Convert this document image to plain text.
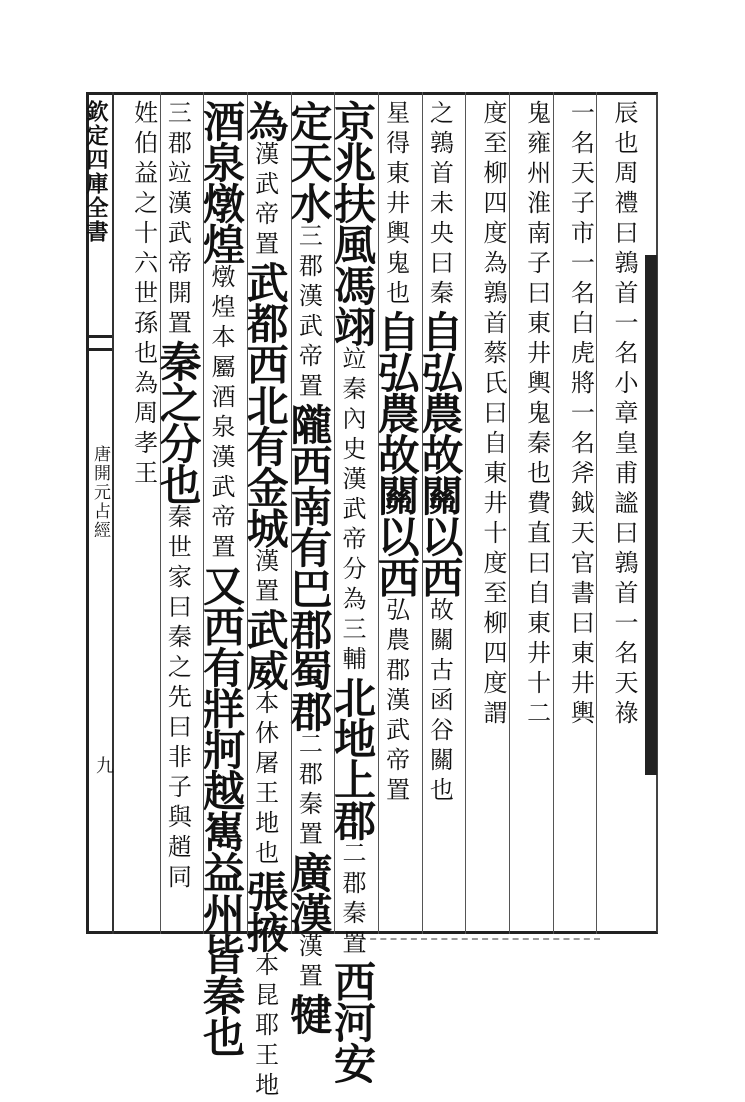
欽定四庫全書
唐開元占經
九
辰也周禮曰鶉首一名小章皇甫謐曰鶉首一名天祿
一名天子市一名白虎將一名斧鉞天官書曰東井輿
鬼雍州淮南子曰東井輿鬼秦也費直曰自東井十二
度至柳四度為鶉首蔡氏曰自東井十度至柳四度謂
之鶉首未央曰秦自弘農故關以西故關古函谷關也
星得東井輿鬼也自弘農故關以西弘農郡漢武帝置
京兆扶風馮翊竝秦內史漢武帝分為三輔北地上郡二郡秦置西河安
定天水三郡漢武帝置隴西南有巴郡蜀郡二郡秦置廣漢漢置犍
為漢武帝置武都西北有金城漢置武威本休屠王地也張掖本昆耶王地
酒泉燉煌燉煌本屬酒泉漢武帝置又西有牂牁越嶲益州皆秦也
三郡竝漢武帝開置秦之分也秦世家曰秦之先曰非子與趙同
姓伯益之十六世孫也為周孝王
